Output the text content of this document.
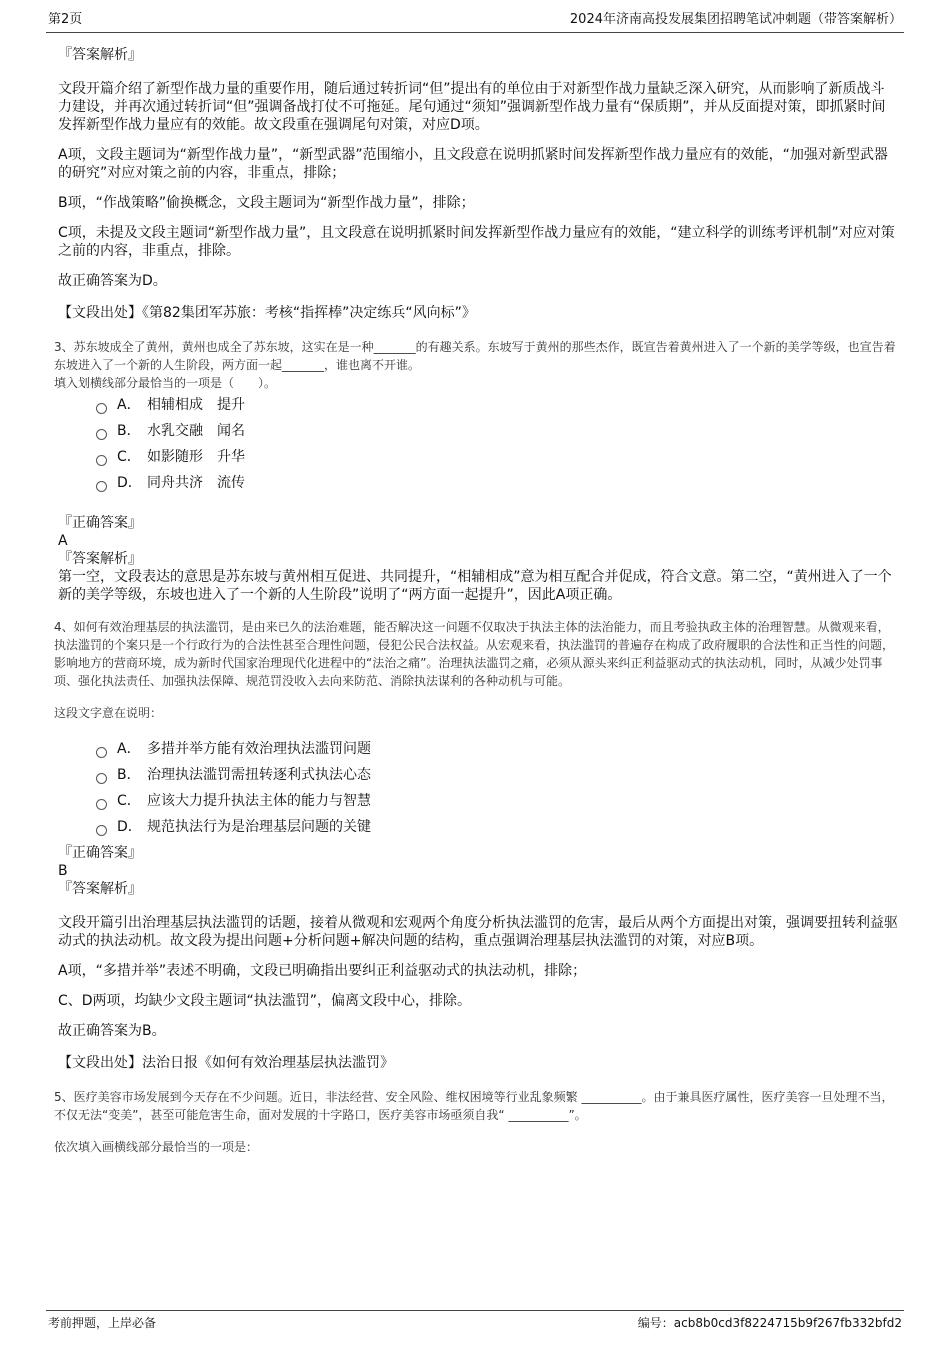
第2页	2024年济南高投发展集团招聘笔试冲刺题（带答案解析）

『答案解析』

文段开篇介绍了新型作战力量的重要作用，随后通过转折词“但”提出有的单位由于对新型作战力量缺乏深入研究，从而影响了新质战斗力建设，并再次通过转折词“但”强调备战打仗不可拖延。尾句通过“须知”强调新型作战力量有“保质期”，并从反面提对策，即抓紧时间发挥新型作战力量应有的效能。故文段重在强调尾句对策，对应D项。

A项，文段主题词为“新型作战力量”，“新型武器”范围缩小，且文段意在说明抓紧时间发挥新型作战力量应有的效能，“加强对新型武器的研究”对应对策之前的内容，非重点，排除；

B项，“作战策略”偷换概念，文段主题词为“新型作战力量”，排除；

C项，未提及文段主题词“新型作战力量”，且文段意在说明抓紧时间发挥新型作战力量应有的效能，“建立科学的训练考评机制”对应对策之前的内容，非重点，排除。

故正确答案为D。

【文段出处】《第82集团军苏旅：考核“指挥棒”决定练兵“风向标”》

3、苏东坡成全了黄州，黄州也成全了苏东坡，这实在是一种_______的有趣关系。东坡写于黄州的那些杰作，既宣告着黄州进入了一个新的美学等级，也宣告着东坡进入了一个新的人生阶段，两方面一起_______，谁也离不开谁。

填入划横线部分最恰当的一项是（　　）。

A． 相辅相成　提升
B． 水乳交融　闻名
C． 如影随形　升华
D． 同舟共济　流传

『正确答案』

A

『答案解析』

第一空，文段表达的意思是苏东坡与黄州相互促进、共同提升，“相辅相成”意为相互配合并促成，符合文意。第二空，“黄州进入了一个新的美学等级，东坡也进入了一个新的人生阶段”说明了“两方面一起提升”，因此A项正确。

4、如何有效治理基层的执法滥罚，是由来已久的法治难题，能否解决这一问题不仅取决于执法主体的法治能力，而且考验执政主体的治理智慧。从微观来看，执法滥罚的个案只是一个行政行为的合法性甚至合理性问题，侵犯公民合法权益。从宏观来看，执法滥罚的普遍存在构成了政府履职的合法性和正当性的问题，影响地方的营商环境，成为新时代国家治理现代化进程中的“法治之痛”。治理执法滥罚之痛，必须从源头来纠正利益驱动式的执法动机，同时，从减少处罚事项、强化执法责任、加强执法保障、规范罚没收入去向来防范、消除执法谋利的各种动机与可能。

这段文字意在说明：

A． 多措并举方能有效治理执法滥罚问题
B． 治理执法滥罚需扭转逐利式执法心态
C． 应该大力提升执法主体的能力与智慧
D． 规范执法行为是治理基层问题的关键

『正确答案』

B

『答案解析』

文段开篇引出治理基层执法滥罚的话题，接着从微观和宏观两个角度分析执法滥罚的危害，最后从两个方面提出对策，强调要扭转利益驱动式的执法动机。故文段为提出问题+分析问题+解决问题的结构，重点强调治理基层执法滥罚的对策，对应B项。

A项，“多措并举”表述不明确，文段已明确指出要纠正利益驱动式的执法动机，排除；

C、D两项，均缺少文段主题词“执法滥罚”，偏离文段中心，排除。

故正确答案为B。

【文段出处】法治日报《如何有效治理基层执法滥罚》

5、医疗美容市场发展到今天存在不少问题。近日，非法经营、安全风险、维权困境等行业乱象频繁 __________。由于兼具医疗属性，医疗美容一旦处理不当，不仅无法“变美”，甚至可能危害生命，面对发展的十字路口，医疗美容市场亟须自我“ __________”。

依次填入画横线部分最恰当的一项是：

考前押题，上岸必备	编号：acb8b0cd3f8224715b9f267fb332bfd2
